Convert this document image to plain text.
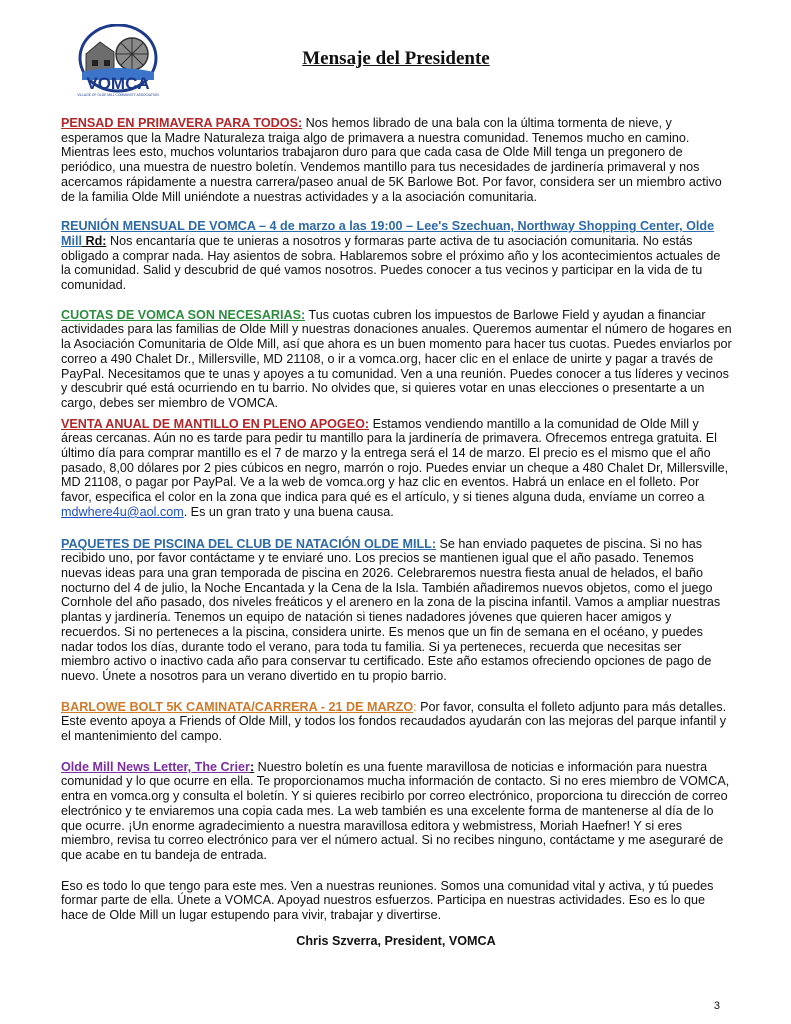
VOMCA
VILLAGE OF OLDE MILL COMMUNITY ASSOCIATION
Mensaje del Presidente

PENSAD EN PRIMAVERA PARA TODOS: Nos hemos librado de una bala con la última tormenta de nieve, y esperamos que la Madre Naturaleza traiga algo de primavera a nuestra comunidad. Tenemos mucho en camino. Mientras lees esto, muchos voluntarios trabajaron duro para que cada casa de Olde Mill tenga un pregonero de periódico, una muestra de nuestro boletín. Vendemos mantillo para tus necesidades de jardinería primaveral y nos acercamos rápidamente a nuestra carrera/paseo anual de 5K Barlowe Bot. Por favor, considera ser un miembro activo de la familia Olde Mill uniéndote a nuestras actividades y a la asociación comunitaria.

REUNIÓN MENSUAL DE VOMCA – 4 de marzo a las 19:00 – Lee's Szechuan, Northway Shopping Center, Olde Mill Rd: Nos encantaría que te unieras a nosotros y formaras parte activa de tu asociación comunitaria. No estás obligado a comprar nada. Hay asientos de sobra. Hablaremos sobre el próximo año y los acontecimientos actuales de la comunidad. Salid y descubrid de qué vamos nosotros. Puedes conocer a tus vecinos y participar en la vida de tu comunidad.

CUOTAS DE VOMCA SON NECESARIAS: Tus cuotas cubren los impuestos de Barlowe Field y ayudan a financiar actividades para las familias de Olde Mill y nuestras donaciones anuales. Queremos aumentar el número de hogares en la Asociación Comunitaria de Olde Mill, así que ahora es un buen momento para hacer tus cuotas. Puedes enviarlos por correo a 490 Chalet Dr., Millersville, MD 21108, o ir a vomca.org, hacer clic en el enlace de unirte y pagar a través de PayPal. Necesitamos que te unas y apoyes a tu comunidad. Ven a una reunión. Puedes conocer a tus líderes y vecinos y descubrir qué está ocurriendo en tu barrio. No olvides que, si quieres votar en unas elecciones o presentarte a un cargo, debes ser miembro de VOMCA.

VENTA ANUAL DE MANTILLO EN PLENO APOGEO: Estamos vendiendo mantillo a la comunidad de Olde Mill y áreas cercanas. Aún no es tarde para pedir tu mantillo para la jardinería de primavera. Ofrecemos entrega gratuita. El último día para comprar mantillo es el 7 de marzo y la entrega será el 14 de marzo. El precio es el mismo que el año pasado, 8,00 dólares por 2 pies cúbicos en negro, marrón o rojo. Puedes enviar un cheque a 480 Chalet Dr, Millersville, MD 21108, o pagar por PayPal. Ve a la web de vomca.org y haz clic en eventos. Habrá un enlace en el folleto. Por favor, especifica el color en la zona que indica para qué es el artículo, y si tienes alguna duda, envíame un correo a mdwhere4u@aol.com. Es un gran trato y una buena causa.

PAQUETES DE PISCINA DEL CLUB DE NATACIÓN OLDE MILL: Se han enviado paquetes de piscina. Si no has recibido uno, por favor contáctame y te enviaré uno. Los precios se mantienen igual que el año pasado. Tenemos nuevas ideas para una gran temporada de piscina en 2026. Celebraremos nuestra fiesta anual de helados, el baño nocturno del 4 de julio, la Noche Encantada y la Cena de la Isla. También añadiremos nuevos objetos, como el juego Cornhole del año pasado, dos niveles freáticos y el arenero en la zona de la piscina infantil. Vamos a ampliar nuestras plantas y jardinería. Tenemos un equipo de natación si tienes nadadores jóvenes que quieren hacer amigos y recuerdos. Si no perteneces a la piscina, considera unirte. Es menos que un fin de semana en el océano, y puedes nadar todos los días, durante todo el verano, para toda tu familia. Si ya perteneces, recuerda que necesitas ser miembro activo o inactivo cada año para conservar tu certificado. Este año estamos ofreciendo opciones de pago de nuevo. Únete a nosotros para un verano divertido en tu propio barrio.

BARLOWE BOLT 5K CAMINATA/CARRERA - 21 DE MARZO: Por favor, consulta el folleto adjunto para más detalles. Este evento apoya a Friends of Olde Mill, y todos los fondos recaudados ayudarán con las mejoras del parque infantil y el mantenimiento del campo.

Olde Mill News Letter, The Crier: Nuestro boletín es una fuente maravillosa de noticias e información para nuestra comunidad y lo que ocurre en ella. Te proporcionamos mucha información de contacto. Si no eres miembro de VOMCA, entra en vomca.org y consulta el boletín. Y si quieres recibirlo por correo electrónico, proporciona tu dirección de correo electrónico y te enviaremos una copia cada mes. La web también es una excelente forma de mantenerse al día de lo que ocurre. ¡Un enorme agradecimiento a nuestra maravillosa editora y webmistress, Moriah Haefner! Y si eres miembro, revisa tu correo electrónico para ver el número actual. Si no recibes ninguno, contáctame y me aseguraré de que acabe en tu bandeja de entrada.

Eso es todo lo que tengo para este mes. Ven a nuestras reuniones. Somos una comunidad vital y activa, y tú puedes formar parte de ella. Únete a VOMCA. Apoyad nuestros esfuerzos. Participa en nuestras actividades. Eso es lo que hace de Olde Mill un lugar estupendo para vivir, trabajar y divertirse.

Chris Szverra, President, VOMCA
3
